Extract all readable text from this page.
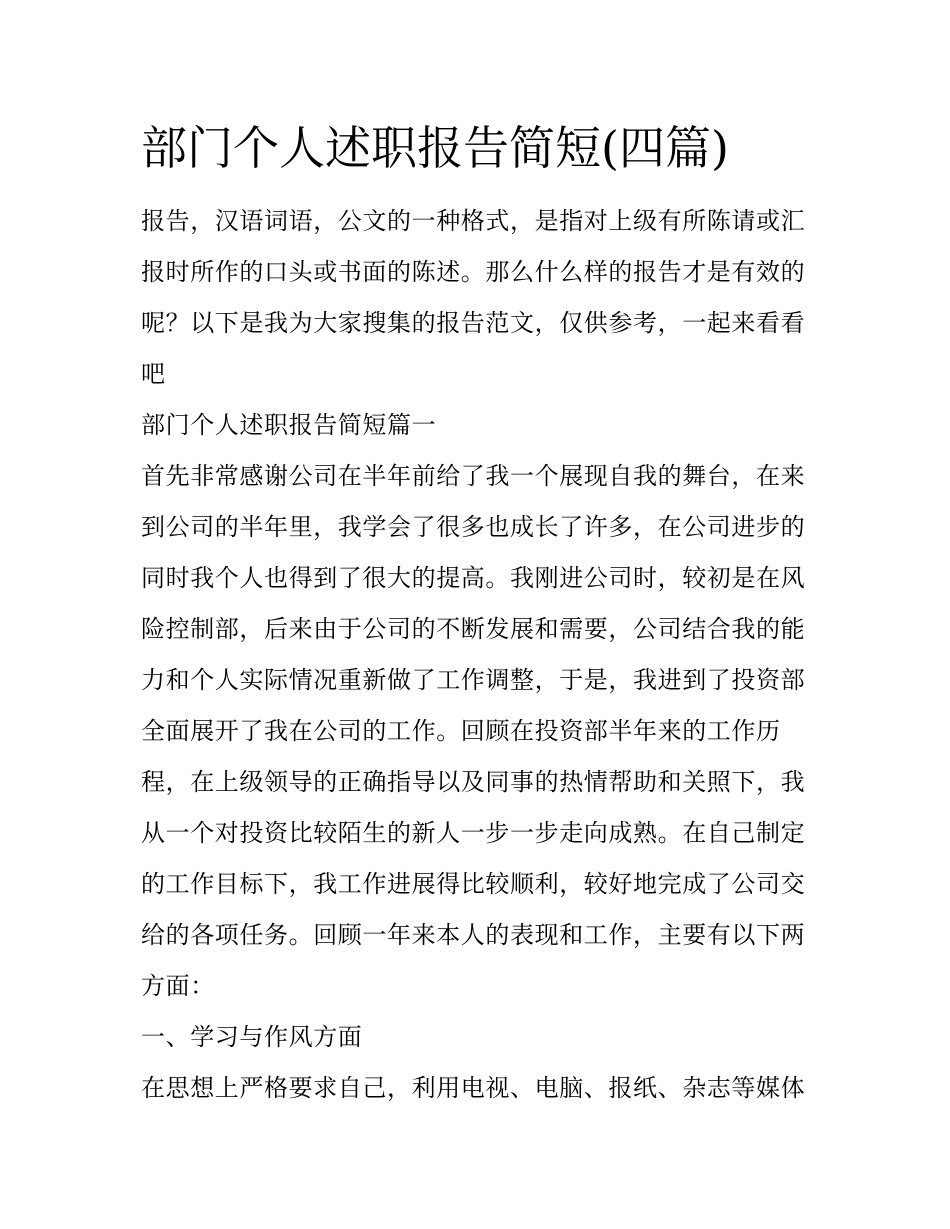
部门个人述职报告简短(四篇)
报告，汉语词语，公文的一种格式，是指对上级有所陈请或汇
报时所作的口头或书面的陈述。那么什么样的报告才是有效的
呢？以下是我为大家搜集的报告范文，仅供参考，一起来看看
吧
部门个人述职报告简短篇一
首先非常感谢公司在半年前给了我一个展现自我的舞台，在来
到公司的半年里，我学会了很多也成长了许多，在公司进步的
同时我个人也得到了很大的提高。我刚进公司时，较初是在风
险控制部，后来由于公司的不断发展和需要，公司结合我的能
力和个人实际情况重新做了工作调整，于是，我进到了投资部
全面展开了我在公司的工作。回顾在投资部半年来的工作历
程，在上级领导的正确指导以及同事的热情帮助和关照下，我
从一个对投资比较陌生的新人一步一步走向成熟。在自己制定
的工作目标下，我工作进展得比较顺利，较好地完成了公司交
给的各项任务。回顾一年来本人的表现和工作，主要有以下两
方面：
一、学习与作风方面
在思想上严格要求自己，利用电视、电脑、报纸、杂志等媒体
